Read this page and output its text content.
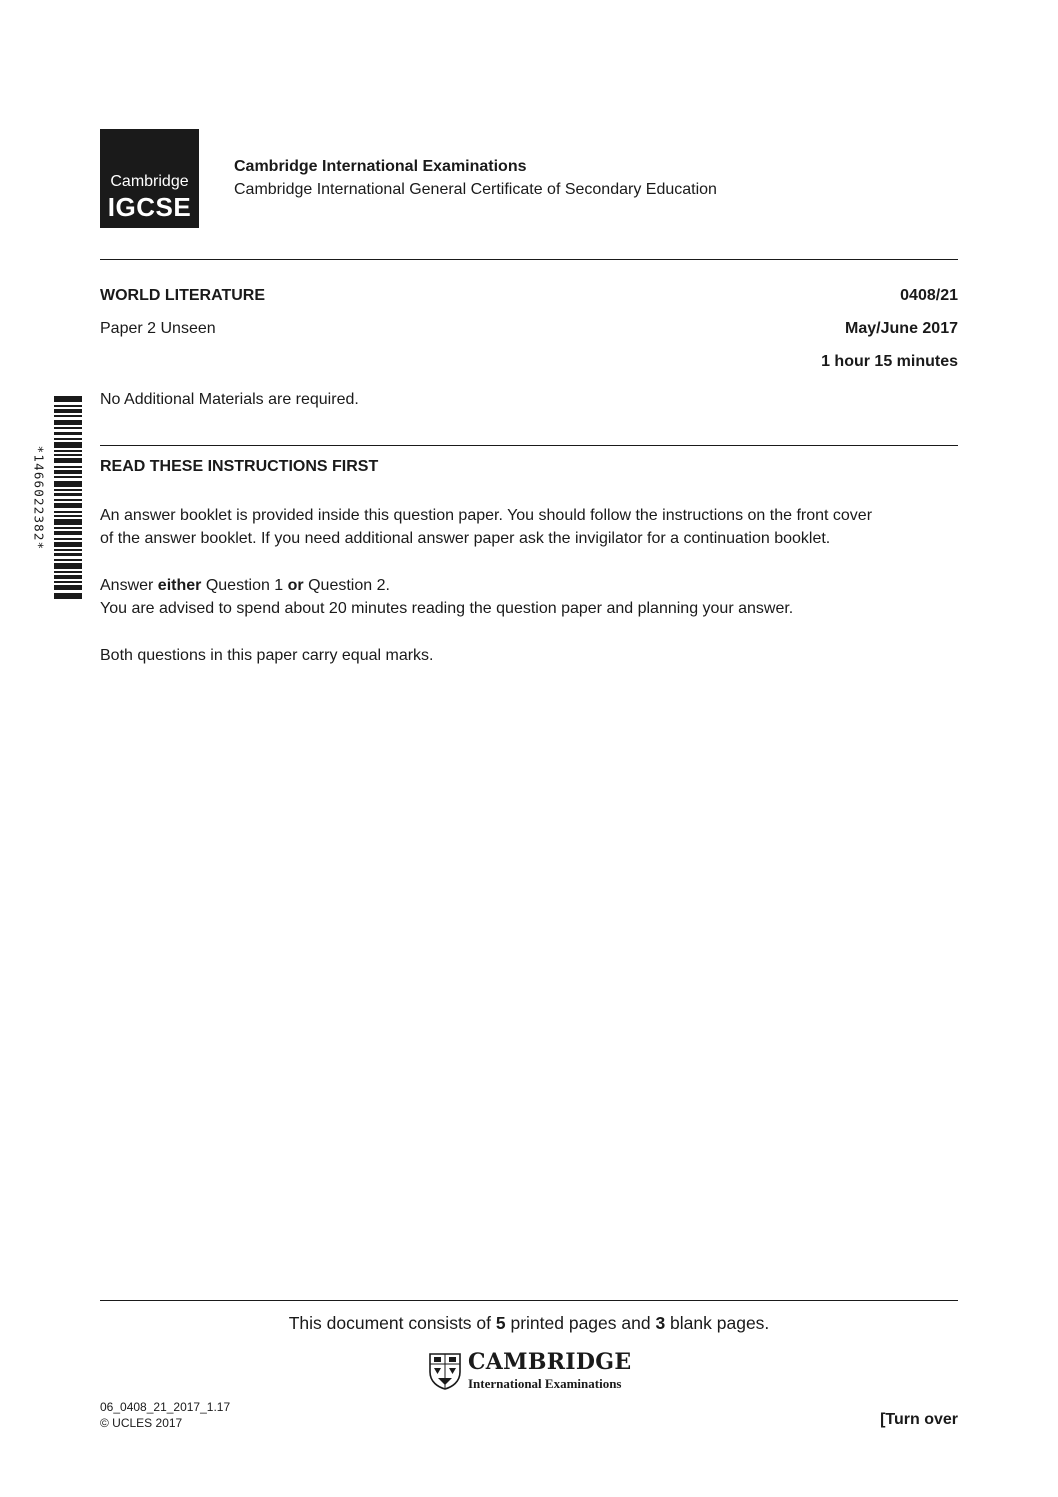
Cambridge
IGCSE
Cambridge International Examinations
Cambridge International General Certificate of Secondary Education
WORLD LITERATURE	0408/21
Paper 2 Unseen	May/June 2017
1 hour 15 minutes
No Additional Materials are required.
*1466022382*	READ THESE INSTRUCTIONS FIRST
An answer booklet is provided inside this question paper. You should follow the instructions on the front cover
of the answer booklet. If you need additional answer paper ask the invigilator for a continuation booklet.
Answer either Question 1 or Question 2.
You are advised to spend about 20 minutes reading the question paper and planning your answer.
Both questions in this paper carry equal marks.
This document consists of 5 printed pages and 3 blank pages.
CAMBRIDGE
International Examinations
06_0408_21_2017_1.17
© UCLES 2017	[Turn over
